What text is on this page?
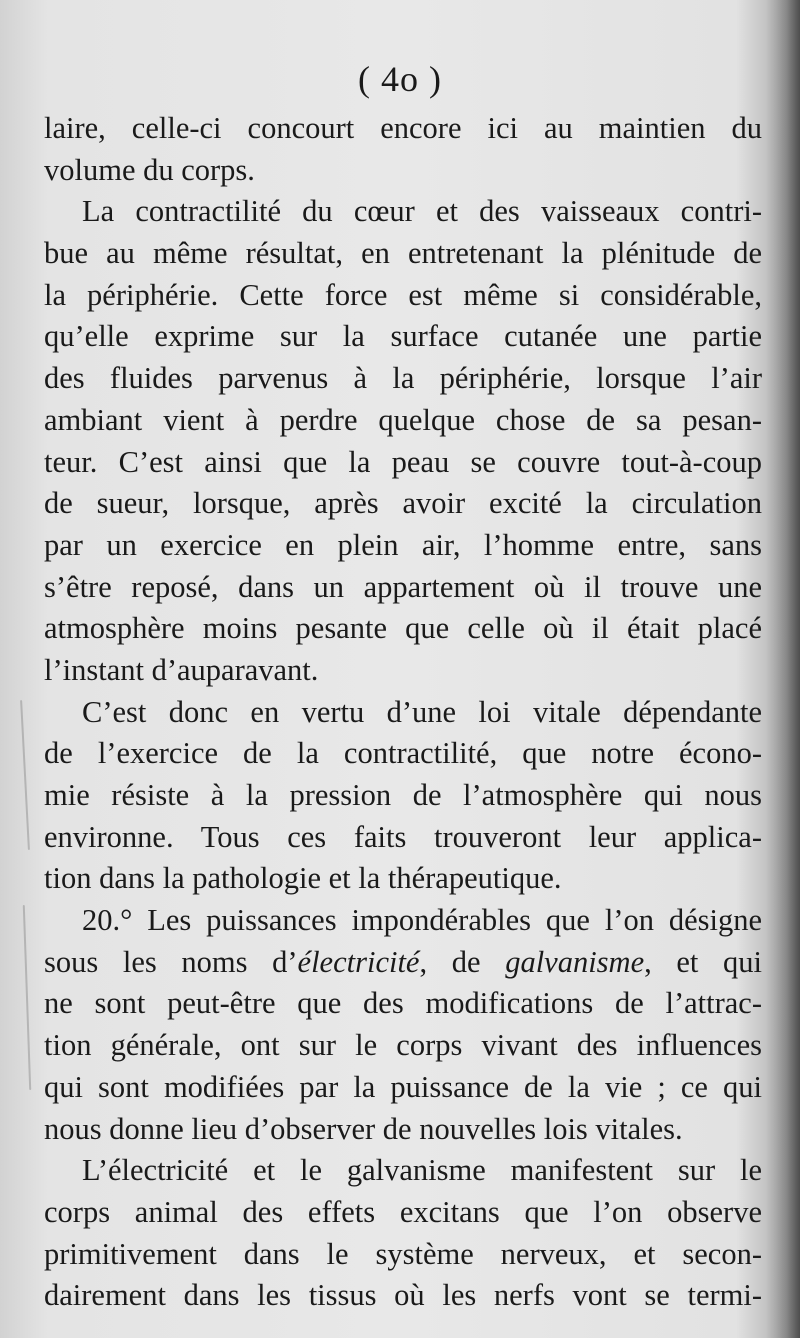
( 4o )
laire, celle-ci concourt encore ici au maintien du
volume du corps.
La contractilité du cœur et des vaisseaux contri-
bue au même résultat, en entretenant la plénitude de
la périphérie. Cette force est même si considérable,
qu’elle exprime sur la surface cutanée une partie
des fluides parvenus à la périphérie, lorsque l’air
ambiant vient à perdre quelque chose de sa pesan-
teur. C’est ainsi que la peau se couvre tout-à-coup
de sueur, lorsque, après avoir excité la circulation
par un exercice en plein air, l’homme entre, sans
s’être reposé, dans un appartement où il trouve une
atmosphère moins pesante que celle où il était placé
l’instant d’auparavant.
C’est donc en vertu d’une loi vitale dépendante
de l’exercice de la contractilité, que notre écono-
mie résiste à la pression de l’atmosphère qui nous
environne. Tous ces faits trouveront leur applica-
tion dans la pathologie et la thérapeutique.
20.° Les puissances impondérables que l’on désigne
sous les noms d’électricité, de galvanisme, et qui
ne sont peut-être que des modifications de l’attrac-
tion générale, ont sur le corps vivant des influences
qui sont modifiées par la puissance de la vie ; ce qui
nous donne lieu d’observer de nouvelles lois vitales.
L’électricité et le galvanisme manifestent sur le
corps animal des effets excitans que l’on observe
primitivement dans le système nerveux, et secon-
dairement dans les tissus où les nerfs vont se termi-
